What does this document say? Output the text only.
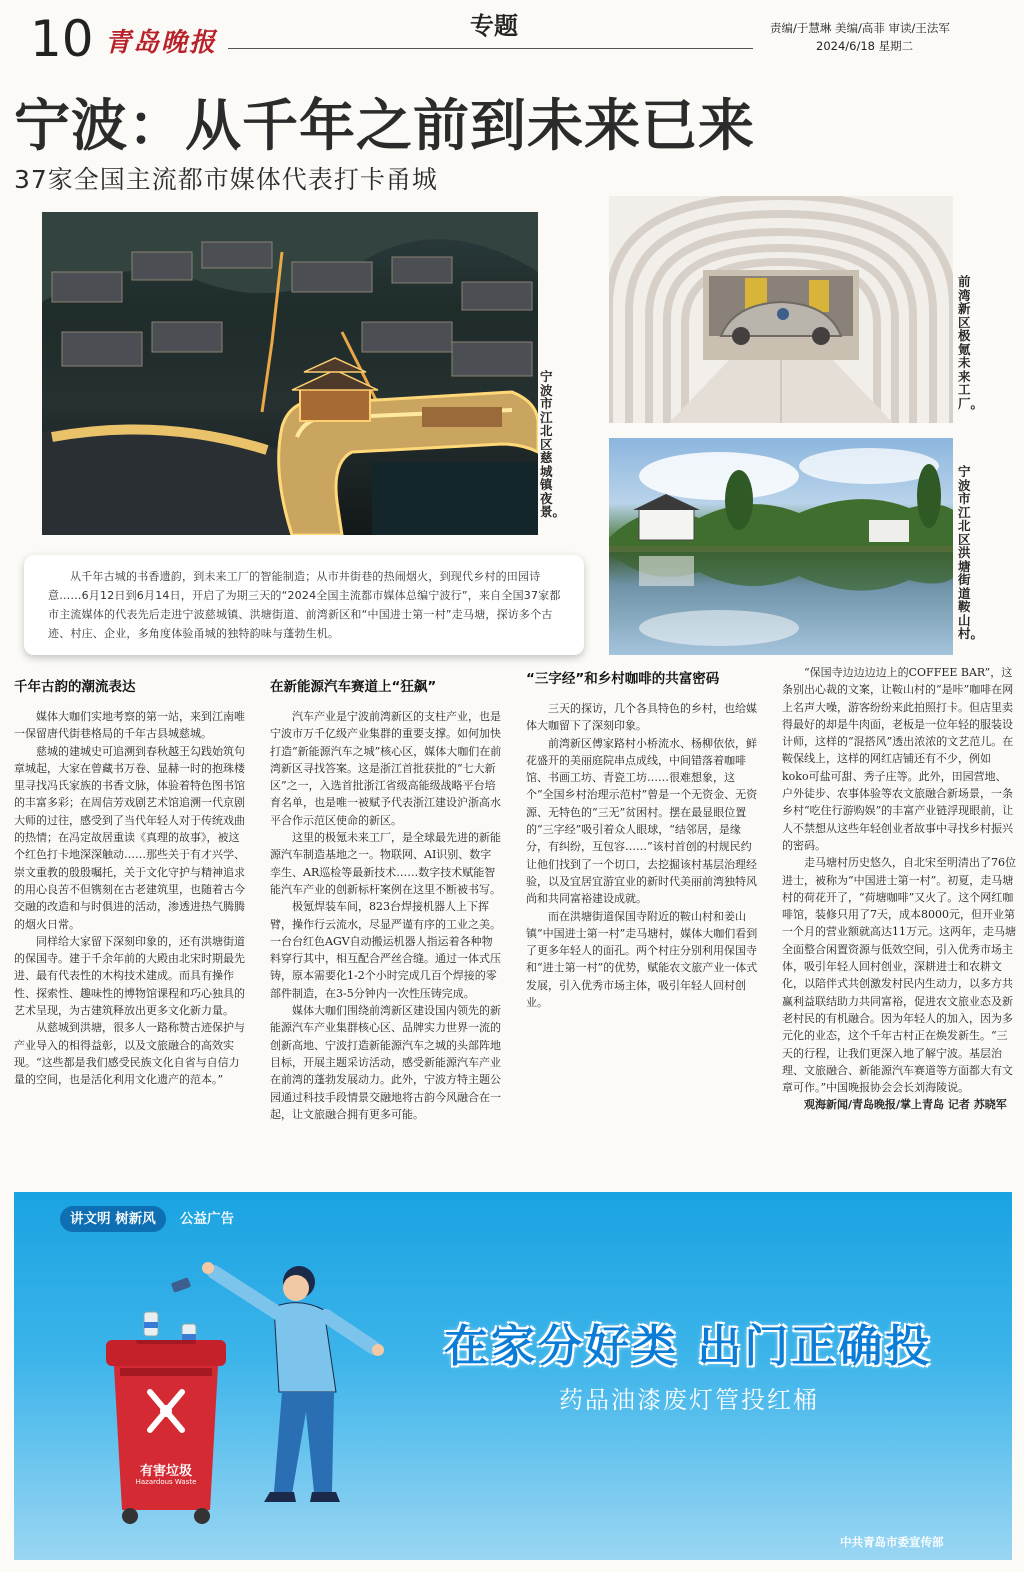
10 青岛晚报
专题	责编/于慧琳 美编/高菲 审读/王法军
2024/6/18 星期二
宁波：从千年之前到未来已来
37家全国主流都市媒体代表打卡甬城
宁波市江北区慈城镇夜景。
前湾新区极氪未来工厂。
宁波市江北区洪塘街道鞍山村。
从千年古城的书香遗韵，到未来工厂的智能制造；从市井街巷的热闹烟火，到现代乡村的田园诗意……6月12日到6月14日，开启了为期三天的“2024全国主流都市媒体总编宁波行”，来自全国37家都市主流媒体的代表先后走进宁波慈城镇、洪塘街道、前湾新区和“中国进士第一村”走马塘，探访多个古迹、村庄、企业，多角度体验甬城的独特韵味与蓬勃生机。
千年古韵的潮流表达

媒体大咖们实地考察的第一站，来到江南唯一保留唐代街巷格局的千年古县城慈城。

慈城的建城史可追溯到春秋越王勾践始筑句章城起，大家在曾藏书万卷、显赫一时的抱珠楼里寻找冯氏家族的书香文脉，体验着特色图书馆的丰富多彩；在周信芳戏剧艺术馆追溯一代京剧大师的过往，感受到了当代年轻人对于传统戏曲的热情；在冯定故居重读《真理的故事》，被这个红色打卡地深深触动……那些关于有才兴学、崇文重教的殷殷嘱托，关于文化守护与精神追求的用心良苦不但镌刻在古老建筑里，也随着古今交融的改造和与时俱进的活动，渗透进热气腾腾的烟火日常。

同样给大家留下深刻印象的，还有洪塘街道的保国寺。建于千余年前的大殿由北宋时期最先进、最有代表性的木构技术建成。而具有操作性、探索性、趣味性的博物馆课程和巧心独具的艺术呈现，为古建筑释放出更多文化新力量。

从慈城到洪塘，很多人一路称赞古迹保护与产业导入的相得益彰，以及文旅融合的高效实现。“这些都是我们感受民族文化自省与自信力量的空间，也是活化利用文化遗产的范本。”

在新能源汽车赛道上“狂飙”

汽车产业是宁波前湾新区的支柱产业，也是宁波市万千亿级产业集群的重要支撑。如何加快打造“新能源汽车之城”核心区，媒体大咖们在前湾新区寻找答案。这是浙江首批获批的“七大新区”之一，入选首批浙江省级高能级战略平台培育名单，也是唯一被赋予代表浙江建设沪浙高水平合作示范区使命的新区。

这里的极氪未来工厂，是全球最先进的新能源汽车制造基地之一。物联网、AI识别、数字孪生、AR巡检等最新技术……数字技术赋能智能汽车产业的创新标杆案例在这里不断被书写。

极氪焊装车间，823台焊接机器人上下挥臂，操作行云流水，尽显严谨有序的工业之美。一台台红色AGV自动搬运机器人指运着各种物料穿行其中，相互配合严丝合缝。通过一体式压铸，原本需要化1-2个小时完成几百个焊接的零部件制造，在3-5分钟内一次性压铸完成。

媒体大咖们围绕前湾新区建设国内领先的新能源汽车产业集群核心区、品牌实力世界一流的创新高地、宁波打造新能源汽车之城的头部阵地目标，开展主题采访活动，感受新能源汽车产业在前湾的蓬勃发展动力。此外，宁波方特主题公园通过科技手段情景交融地将古韵今风融合在一起，让文旅融合拥有更多可能。

“三字经”和乡村咖啡的共富密码

三天的探访，几个各具特色的乡村，也给媒体大咖留下了深刻印象。

前湾新区傅家路村小桥流水、杨柳依依，鲜花盛开的美丽庭院串点成线，中间错落着咖啡馆、书画工坊、青瓷工坊……很难想象，这个“全国乡村治理示范村”曾是一个无资金、无资源、无特色的“三无”贫困村。摆在最显眼位置的“三字经”吸引着众人眼球，“结邻居，是缘分，有纠纷，互包容……”该村首创的村规民约让他们找到了一个切口，去挖掘该村基层治理经验，以及宜居宜游宜业的新时代美丽前湾独特风尚和共同富裕建设成就。

而在洪塘街道保国寺附近的鞍山村和姜山镇“中国进士第一村”走马塘村，媒体大咖们看到了更多年轻人的面孔。两个村庄分别利用保国寺和“进士第一村”的优势，赋能农文旅产业一体式发展，引入优秀市场主体，吸引年轻人回村创业。

“保国寺边边边边上的COFFEE BAR”，这条别出心裁的文案，让鞍山村的“是咔”咖啡在网上名声大噪，游客纷纷来此拍照打卡。但店里卖得最好的却是牛肉面，老板是一位年轻的服装设计师，这样的“混搭风”透出浓浓的文艺范儿。在鞍保线上，这样的网红店铺还有不少，例如koko可盐可甜、秀子庄等。此外，田园营地、户外徒步、农事体验等农文旅融合新场景，一条乡村“吃住行游购娱”的丰富产业链浮现眼前，让人不禁想从这些年轻创业者故事中寻找乡村振兴的密码。

走马塘村历史悠久，自北宋至明清出了76位进士，被称为“中国进士第一村”。初夏，走马塘村的荷花开了，“荷塘咖啡”又火了。这个网红咖啡馆，装修只用了7天，成本8000元，但开业第一个月的营业额就高达11万元。这两年，走马塘全面整合闲置资源与低效空间，引入优秀市场主体，吸引年轻人回村创业，深耕进士和农耕文化，以陪伴式共创激发村民内生动力，以多方共赢利益联结助力共同富裕，促进农文旅业态及新老村民的有机融合。因为年轻人的加入，因为多元化的业态，这个千年古村正在焕发新生。“三天的行程，让我们更深入地了解宁波。基层治理、文旅融合、新能源汽车赛道等方面都大有文章可作。”中国晚报协会会长刘海陵说。

观海新闻/青岛晚报/掌上青岛 记者 苏晓军

讲文明 树新风	公益广告
有害垃圾
Hazardous Waste
在家分好类 出门正确投
药品油漆废灯管投红桶
中共青岛市委宣传部
